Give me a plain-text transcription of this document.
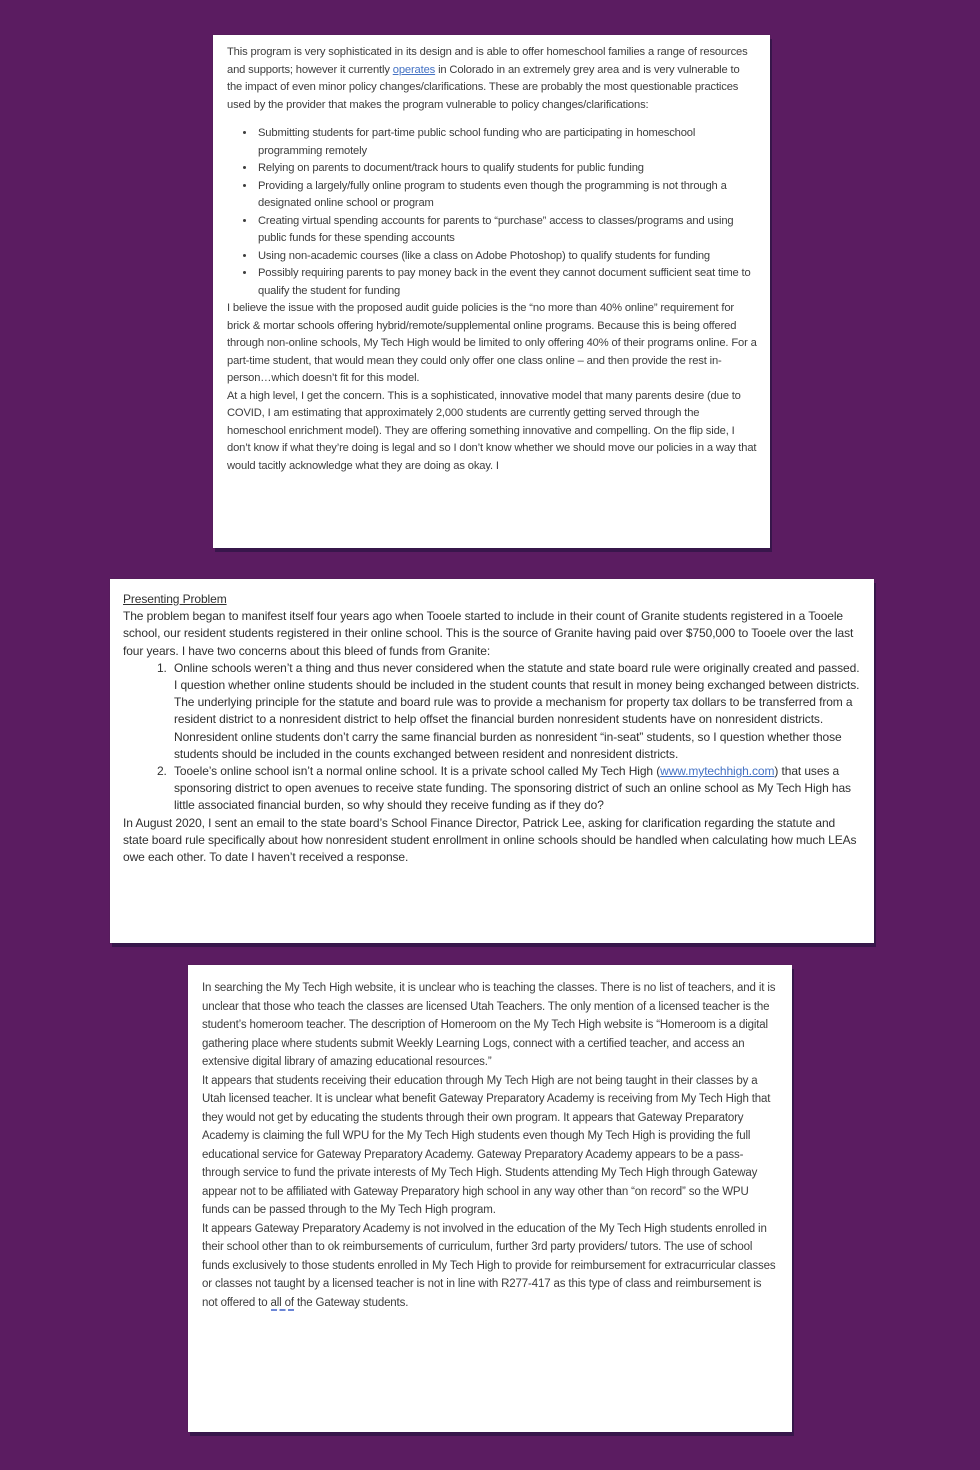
This program is very sophisticated in its design and is able to offer homeschool families a range of resources and supports; however it currently operates in Colorado in an extremely grey area and is very vulnerable to the impact of even minor policy changes/clarifications. These are probably the most questionable practices used by the provider that makes the program vulnerable to policy changes/clarifications:

• Submitting students for part-time public school funding who are participating in homeschool programming remotely
• Relying on parents to document/track hours to qualify students for public funding
• Providing a largely/fully online program to students even though the programming is not through a designated online school or program
• Creating virtual spending accounts for parents to “purchase” access to classes/programs and using public funds for these spending accounts
• Using non-academic courses (like a class on Adobe Photoshop) to qualify students for funding
• Possibly requiring parents to pay money back in the event they cannot document sufficient seat time to qualify the student for funding

I believe the issue with the proposed audit guide policies is the “no more than 40% online” requirement for brick & mortar schools offering hybrid/remote/supplemental online programs. Because this is being offered through non-online schools, My Tech High would be limited to only offering 40% of their programs online. For a part-time student, that would mean they could only offer one class online – and then provide the rest in-person…which doesn’t fit for this model.

At a high level, I get the concern. This is a sophisticated, innovative model that many parents desire (due to COVID, I am estimating that approximately 2,000 students are currently getting served through the homeschool enrichment model). They are offering something innovative and compelling. On the flip side, I don’t know if what they’re doing is legal and so I don’t know whether we should move our policies in a way that would tacitly acknowledge what they are doing as okay. I

Presenting Problem

The problem began to manifest itself four years ago when Tooele started to include in their count of Granite students registered in a Tooele school, our resident students registered in their online school. This is the source of Granite having paid over $750,000 to Tooele over the last four years. I have two concerns about this bleed of funds from Granite:

1. Online schools weren’t a thing and thus never considered when the statute and state board rule were originally created and passed. I question whether online students should be included in the student counts that result in money being exchanged between districts. The underlying principle for the statute and board rule was to provide a mechanism for property tax dollars to be transferred from a resident district to a nonresident district to help offset the financial burden nonresident students have on nonresident districts. Nonresident online students don’t carry the same financial burden as nonresident “in-seat” students, so I question whether those students should be included in the counts exchanged between resident and nonresident districts.
2. Tooele’s online school isn’t a normal online school. It is a private school called My Tech High (www.mytechhigh.com) that uses a sponsoring district to open avenues to receive state funding. The sponsoring district of such an online school as My Tech High has little associated financial burden, so why should they receive funding as if they do?

In August 2020, I sent an email to the state board’s School Finance Director, Patrick Lee, asking for clarification regarding the statute and state board rule specifically about how nonresident student enrollment in online schools should be handled when calculating how much LEAs owe each other. To date I haven’t received a response.

In searching the My Tech High website, it is unclear who is teaching the classes. There is no list of teachers, and it is unclear that those who teach the classes are licensed Utah Teachers. The only mention of a licensed teacher is the student’s homeroom teacher. The description of Homeroom on the My Tech High website is “Homeroom is a digital gathering place where students submit Weekly Learning Logs, connect with a certified teacher, and access an extensive digital library of amazing educational resources.”

It appears that students receiving their education through My Tech High are not being taught in their classes by a Utah licensed teacher. It is unclear what benefit Gateway Preparatory Academy is receiving from My Tech High that they would not get by educating the students through their own program. It appears that Gateway Preparatory Academy is claiming the full WPU for the My Tech High students even though My Tech High is providing the full educational service for Gateway Preparatory Academy. Gateway Preparatory Academy appears to be a pass-through service to fund the private interests of My Tech High. Students attending My Tech High through Gateway appear not to be affiliated with Gateway Preparatory high school in any way other than “on record” so the WPU funds can be passed through to the My Tech High program.

It appears Gateway Preparatory Academy is not involved in the education of the My Tech High students enrolled in their school other than to ok reimbursements of curriculum, further 3rd party providers/ tutors. The use of school funds exclusively to those students enrolled in My Tech High to provide for reimbursement for extracurricular classes or classes not taught by a licensed teacher is not in line with R277-417 as this type of class and reimbursement is not offered to all of the Gateway students.
